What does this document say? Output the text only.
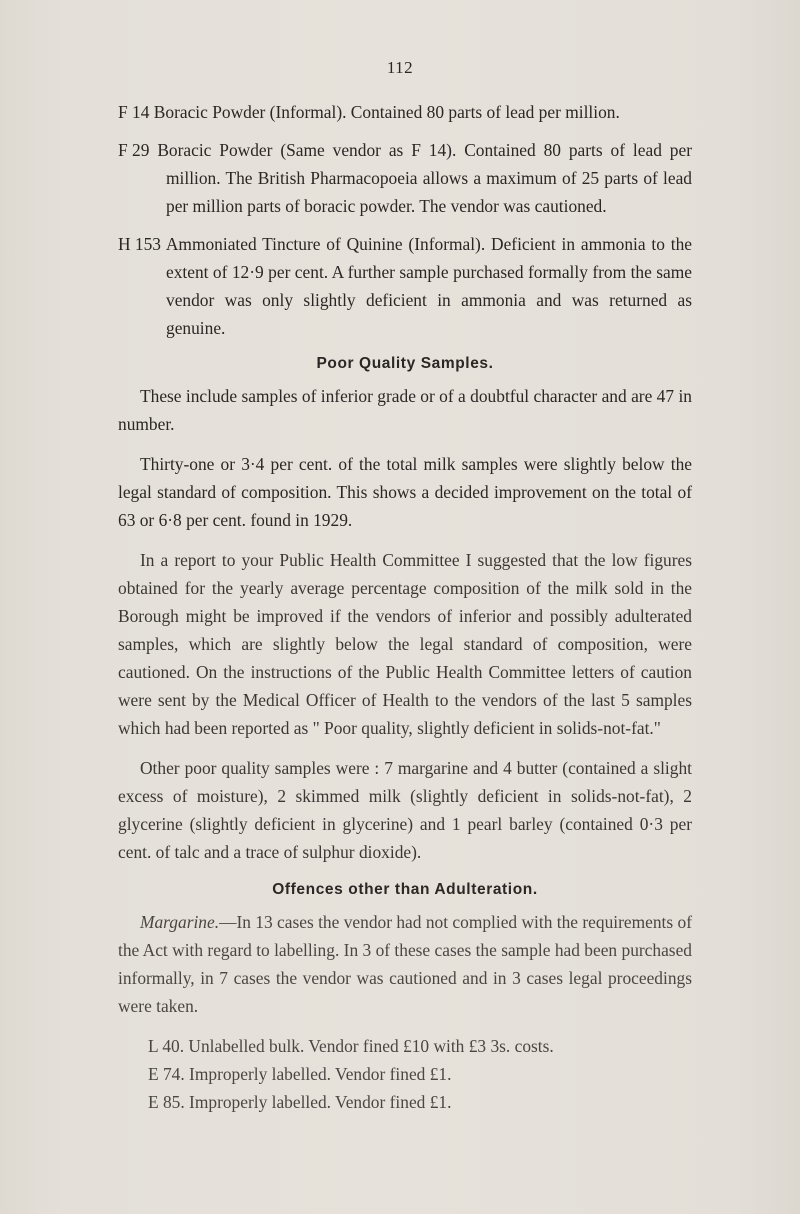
112
F 14 Boracic Powder (Informal). Contained 80 parts of lead per million.
F 29 Boracic Powder (Same vendor as F 14). Contained 80 parts of lead per million. The British Pharmacopoeia allows a maximum of 25 parts of lead per million parts of boracic powder. The vendor was cautioned.
H 153 Ammoniated Tincture of Quinine (Informal). Deficient in ammonia to the extent of 12·9 per cent. A further sample purchased formally from the same vendor was only slightly deficient in ammonia and was returned as genuine.
Poor Quality Samples.

These include samples of inferior grade or of a doubtful character and are 47 in number.

Thirty-one or 3·4 per cent. of the total milk samples were slightly below the legal standard of composition. This shows a decided improvement on the total of 63 or 6·8 per cent. found in 1929.

In a report to your Public Health Committee I suggested that the low figures obtained for the yearly average percentage composition of the milk sold in the Borough might be improved if the vendors of inferior and possibly adulterated samples, which are slightly below the legal standard of composition, were cautioned. On the instructions of the Public Health Committee letters of caution were sent by the Medical Officer of Health to the vendors of the last 5 samples which had been reported as " Poor quality, slightly deficient in solids-not-fat."

Other poor quality samples were : 7 margarine and 4 butter (contained a slight excess of moisture), 2 skimmed milk (slightly deficient in solids-not-fat), 2 glycerine (slightly deficient in glycerine) and 1 pearl barley (contained 0·3 per cent. of talc and a trace of sulphur dioxide).

Offences other than Adulteration.

Margarine.—In 13 cases the vendor had not complied with the requirements of the Act with regard to labelling. In 3 of these cases the sample had been purchased informally, in 7 cases the vendor was cautioned and in 3 cases legal proceedings were taken.

L 40. Unlabelled bulk. Vendor fined £10 with £3 3s. costs.
E 74. Improperly labelled. Vendor fined £1.
E 85. Improperly labelled. Vendor fined £1.
